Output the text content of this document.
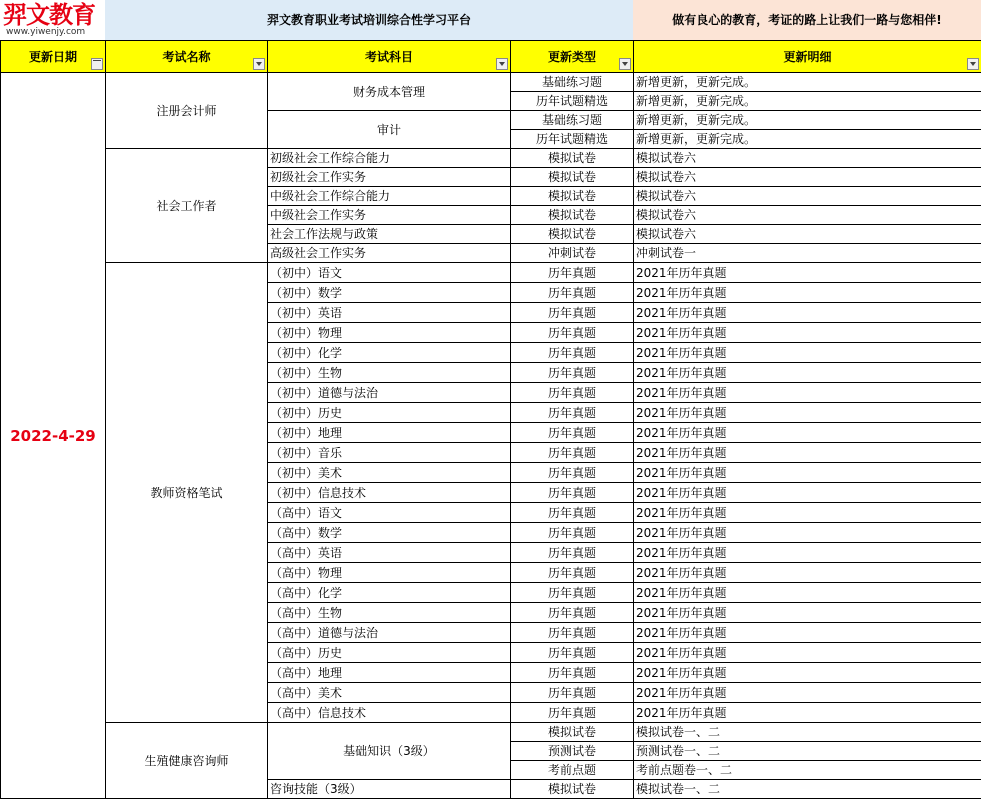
羿文教育
www.yiwenjy.com
羿文教育职业考试培训综合性学习平台	做有良心的教育，考证的路上让我们一路与您相伴!
更新日期	考试名称	考试科目	更新类型	更新明细

2022-4-29	注册会计师	财务成本管理	基础练习题	新增更新，更新完成。
			历年试题精选	新增更新，更新完成。
		审计	基础练习题	新增更新，更新完成。
			历年试题精选	新增更新，更新完成。
	社会工作者	初级社会工作综合能力	模拟试卷	模拟试卷六
		初级社会工作实务	模拟试卷	模拟试卷六
		中级社会工作综合能力	模拟试卷	模拟试卷六
		中级社会工作实务	模拟试卷	模拟试卷六
		社会工作法规与政策	模拟试卷	模拟试卷六
		高级社会工作实务	冲刺试卷	冲刺试卷一
	教师资格笔试	（初中）语文	历年真题	2021年历年真题
		（初中）数学	历年真题	2021年历年真题
		（初中）英语	历年真题	2021年历年真题
		（初中）物理	历年真题	2021年历年真题
		（初中）化学	历年真题	2021年历年真题
		（初中）生物	历年真题	2021年历年真题
		（初中）道德与法治	历年真题	2021年历年真题
		（初中）历史	历年真题	2021年历年真题
		（初中）地理	历年真题	2021年历年真题
		（初中）音乐	历年真题	2021年历年真题
		（初中）美术	历年真题	2021年历年真题
		（初中）信息技术	历年真题	2021年历年真题
		（高中）语文	历年真题	2021年历年真题
		（高中）数学	历年真题	2021年历年真题
		（高中）英语	历年真题	2021年历年真题
		（高中）物理	历年真题	2021年历年真题
		（高中）化学	历年真题	2021年历年真题
		（高中）生物	历年真题	2021年历年真题
		（高中）道德与法治	历年真题	2021年历年真题
		（高中）历史	历年真题	2021年历年真题
		（高中）地理	历年真题	2021年历年真题
		（高中）美术	历年真题	2021年历年真题
		（高中）信息技术	历年真题	2021年历年真题
	生殖健康咨询师	基础知识（3级）	模拟试卷	模拟试卷一、二
			预测试卷	预测试卷一、二
			考前点题	考前点题卷一、二
		咨询技能（3级）	模拟试卷	模拟试卷一、二
